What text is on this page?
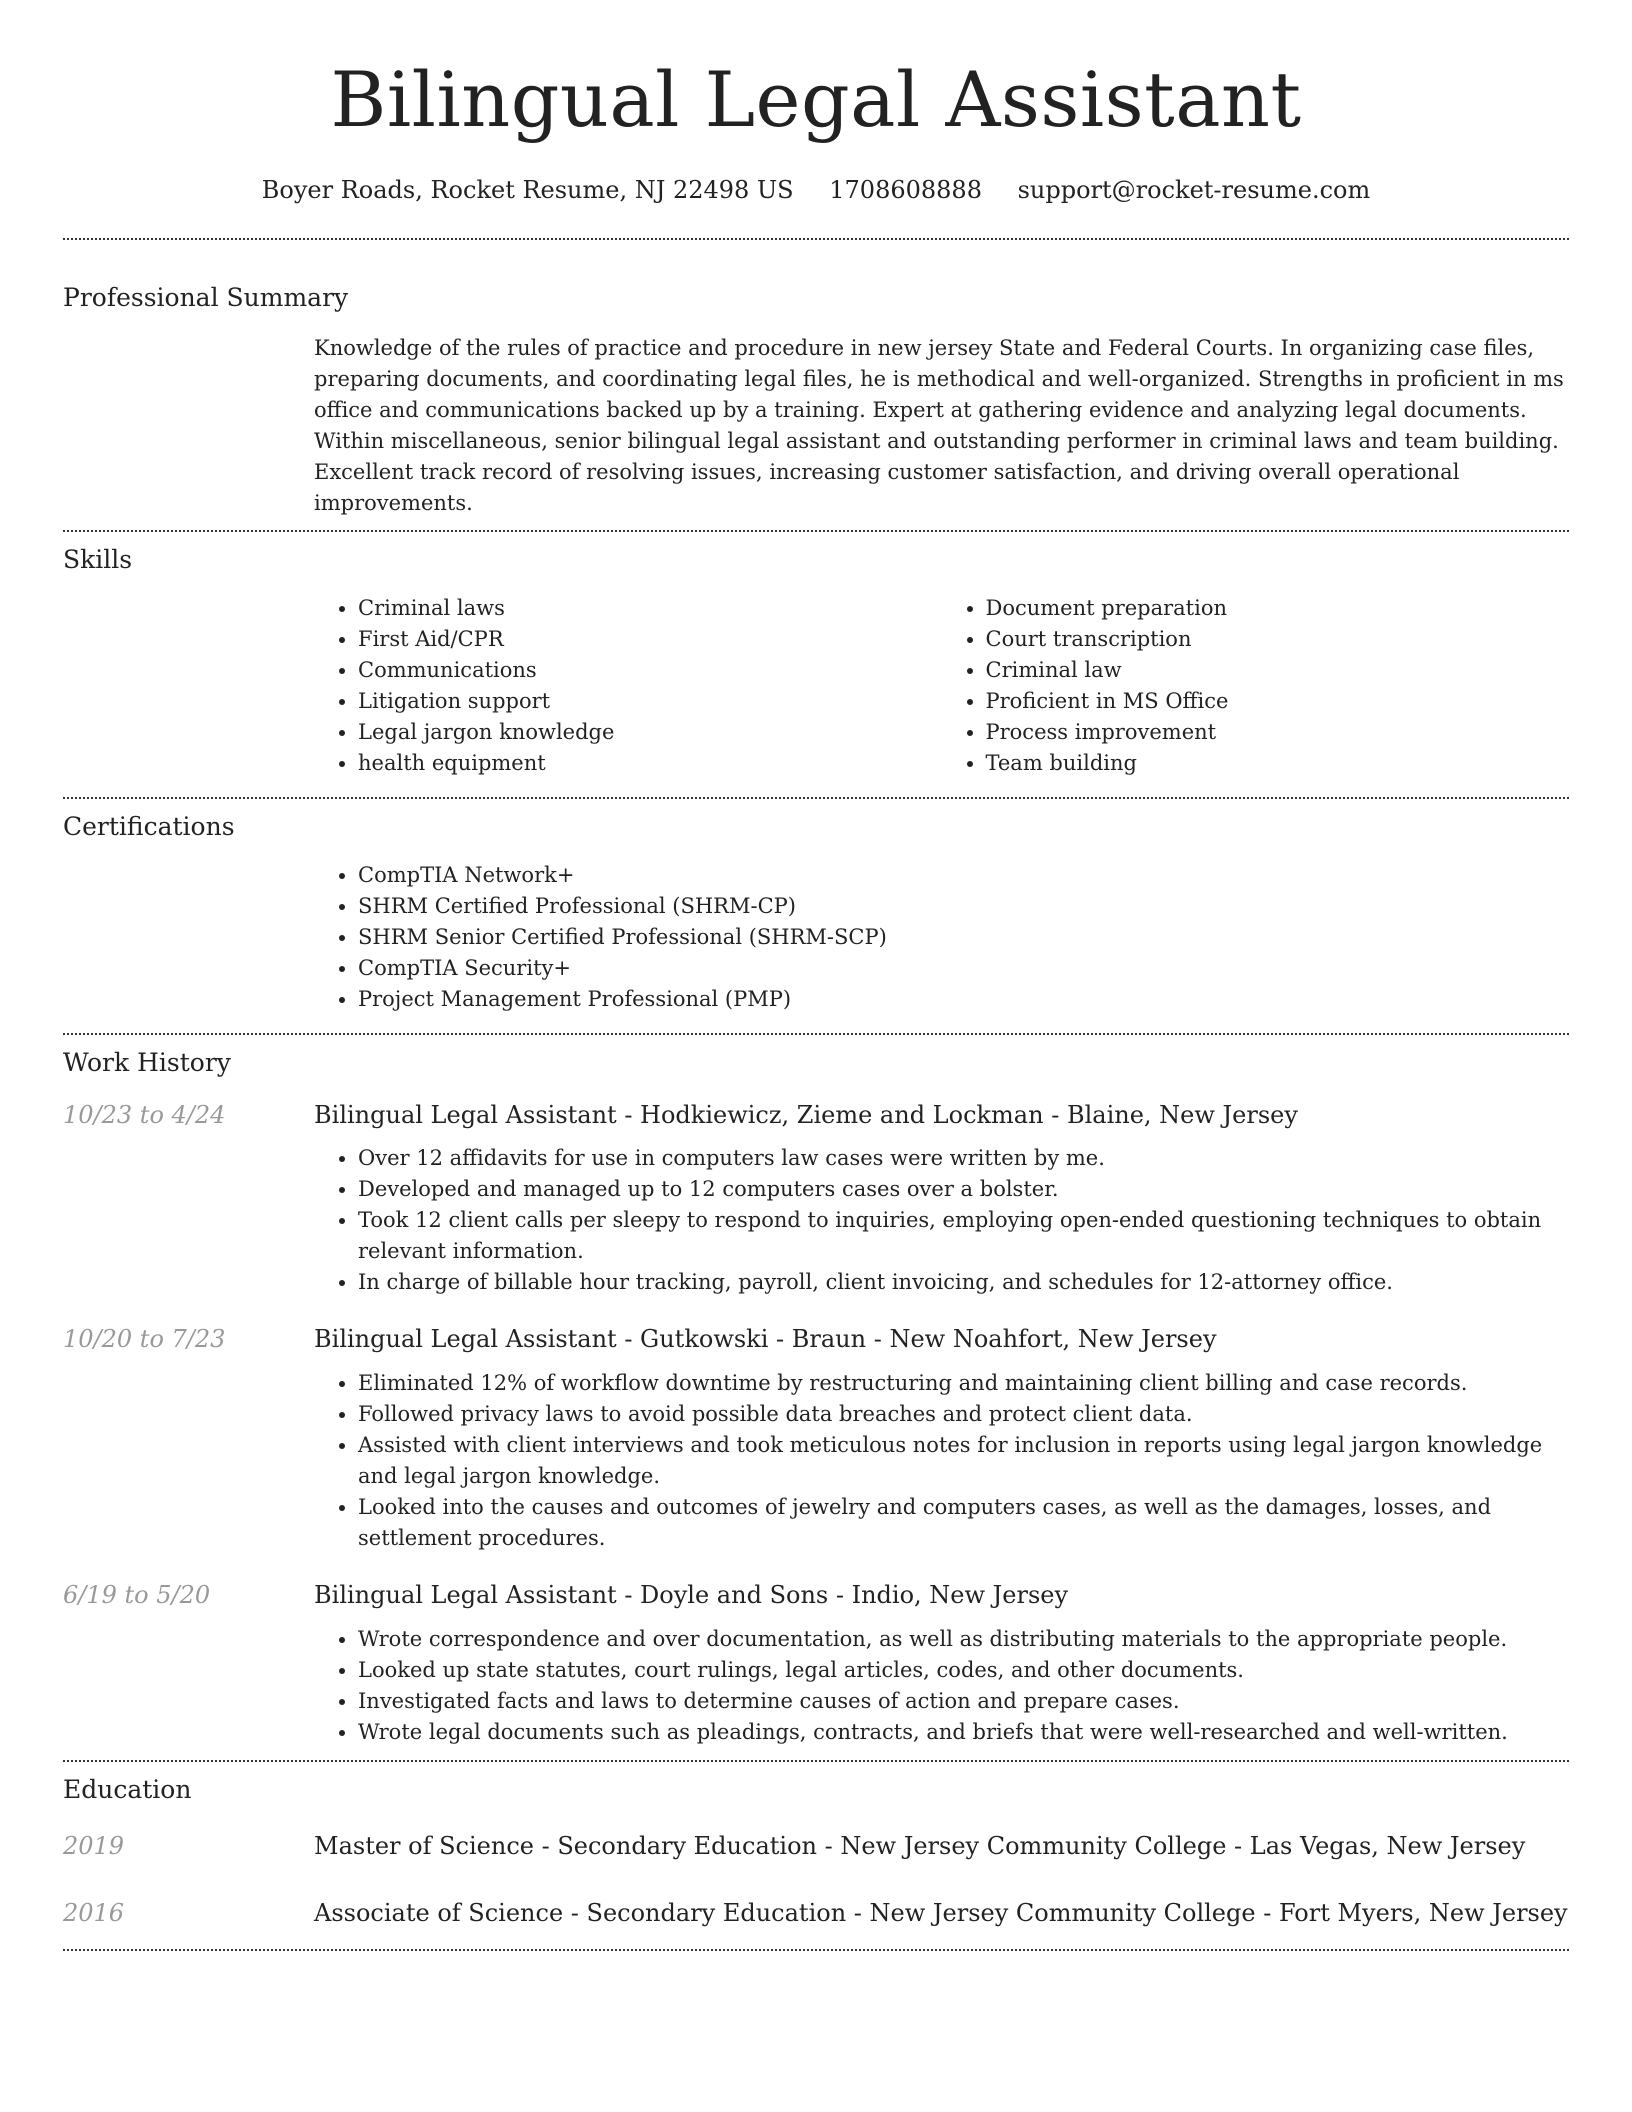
Bilingual Legal Assistant
Boyer Roads, Rocket Resume, NJ 22498 US 1708608888 support@rocket-resume.com
Professional Summary

Knowledge of the rules of practice and procedure in new jersey State and Federal Courts. In organizing case files, preparing documents, and coordinating legal files, he is methodical and well-organized. Strengths in proficient in ms office and communications backed up by a training. Expert at gathering evidence and analyzing legal documents. Within miscellaneous, senior bilingual legal assistant and outstanding performer in criminal laws and team building. Excellent track record of resolving issues, increasing customer satisfaction, and driving overall operational improvements.

Skills
• Criminal laws
• First Aid/CPR
• Communications
• Litigation support
• Legal jargon knowledge
• health equipment
• Document preparation
• Court transcription
• Criminal law
• Proficient in MS Office
• Process improvement
• Team building
Certifications
• CompTIA Network+
• SHRM Certified Professional (SHRM-CP)
• SHRM Senior Certified Professional (SHRM-SCP)
• CompTIA Security+
• Project Management Professional (PMP)
Work History
10/23 to 4/24	Bilingual Legal Assistant - Hodkiewicz, Zieme and Lockman - Blaine, New Jersey
• Over 12 affidavits for use in computers law cases were written by me.
• Developed and managed up to 12 computers cases over a bolster.
• Took 12 client calls per sleepy to respond to inquiries, employing open-ended questioning techniques to obtain relevant information.
• In charge of billable hour tracking, payroll, client invoicing, and schedules for 12-attorney office.
10/20 to 7/23	Bilingual Legal Assistant - Gutkowski - Braun - New Noahfort, New Jersey
• Eliminated 12% of workflow downtime by restructuring and maintaining client billing and case records.
• Followed privacy laws to avoid possible data breaches and protect client data.
• Assisted with client interviews and took meticulous notes for inclusion in reports using legal jargon knowledge and legal jargon knowledge.
• Looked into the causes and outcomes of jewelry and computers cases, as well as the damages, losses, and settlement procedures.
6/19 to 5/20	Bilingual Legal Assistant - Doyle and Sons - Indio, New Jersey
• Wrote correspondence and over documentation, as well as distributing materials to the appropriate people.
• Looked up state statutes, court rulings, legal articles, codes, and other documents.
• Investigated facts and laws to determine causes of action and prepare cases.
• Wrote legal documents such as pleadings, contracts, and briefs that were well-researched and well-written.
Education
2019	Master of Science - Secondary Education - New Jersey Community College - Las Vegas, New Jersey
2016	Associate of Science - Secondary Education - New Jersey Community College - Fort Myers, New Jersey
